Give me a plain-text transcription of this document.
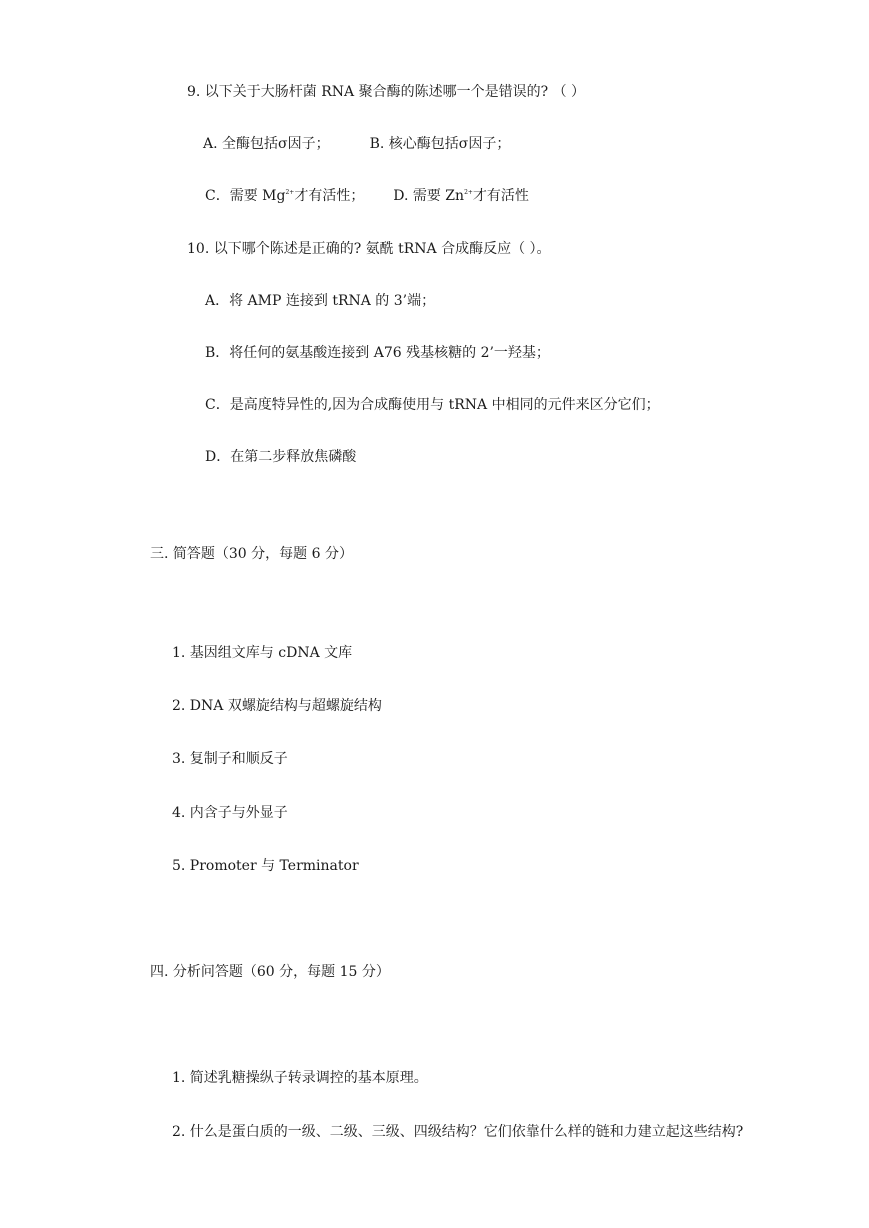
9. 以下关于大肠杆菌 RNA 聚合酶的陈述哪一个是错误的? （ ）
A. 全酶包括σ因子；	B. 核心酶包括σ因子；
C．需要 $Mg^{2+}$才有活性； D. 需要 $Zn^{2+}$才有活性
10. 以下哪个陈述是正确的? 氨酰 tRNA 合成酶反应（ ）。
A．将 AMP 连接到 tRNA 的 3’端；
B．将任何的氨基酸连接到 A76 残基核糖的 2’一羟基；
C．是高度特异性的,因为合成酶使用与 tRNA 中相同的元件来区分它们；
D．在第二步释放焦磷酸
三. 简答题（30 分，每题 6 分）
1. 基因组文库与 cDNA 文库
2. DNA 双螺旋结构与超螺旋结构
3. 复制子和顺反子
4. 内含子与外显子
5. Promoter 与 Terminator
四. 分析问答题（60 分，每题 15 分）
1. 简述乳糖操纵子转录调控的基本原理。
2. 什么是蛋白质的一级、二级、三级、四级结构？它们依靠什么样的链和力建立起这些结构?
